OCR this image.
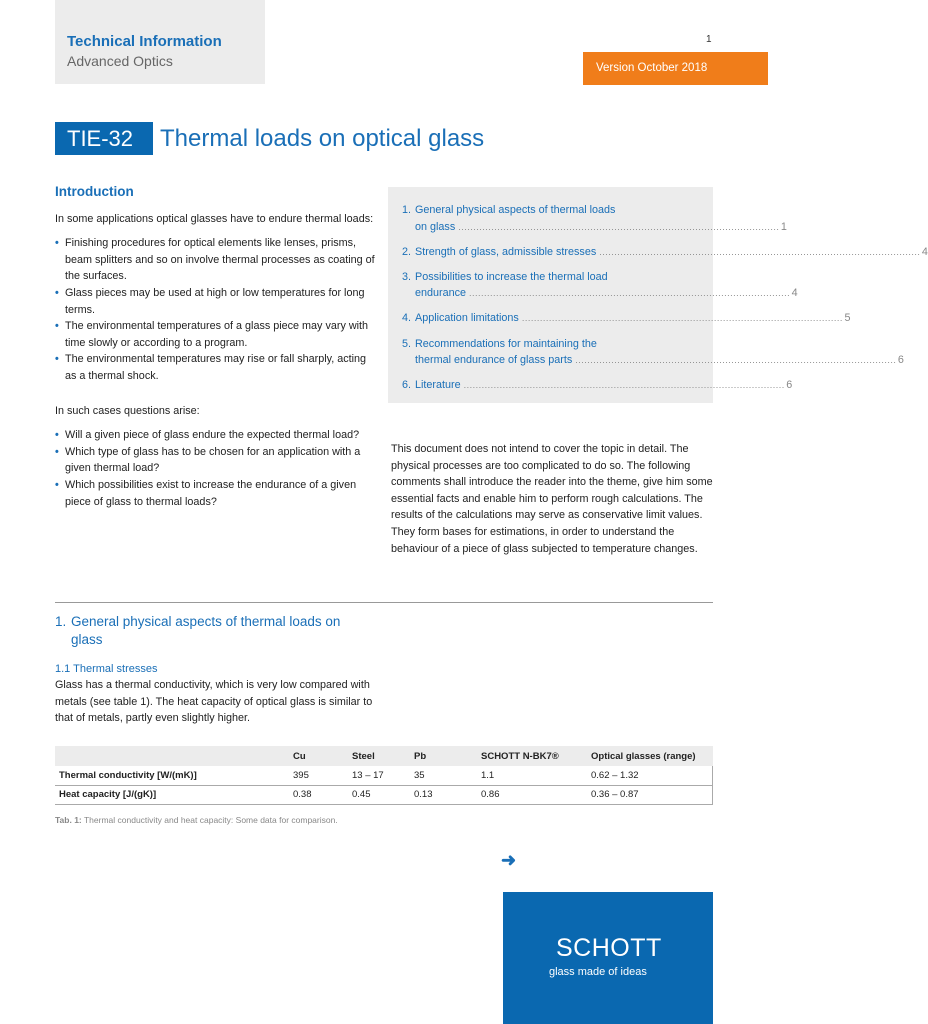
Technical Information
Advanced Optics
1
Version October 2018
TIE-32	Thermal loads on optical glass
Introduction

In some applications optical glasses have to endure thermal loads:

• Finishing procedures for optical elements like lenses, prisms, beam splitters and so on involve thermal processes as coating of the surfaces.
• Glass pieces may be used at high or low temperatures for long terms.
• The environmental temperatures of a glass piece may vary with time slowly or according to a program.
• The environmental temperatures may rise or fall sharply, acting as a thermal shock.

In such cases questions arise:

• Will a given piece of glass endure the expected thermal load?
• Which type of glass has to be chosen for an application with a given thermal load?
• Which possibilities exist to increase the endurance of a given piece of glass to thermal loads?
1. General physical aspects of thermal loads
on glass . . .	1
2. Strength of glass, admissible stresses . . .	4
3. Possibilities to increase the thermal load
endurance . . .	4
4. Application limitations . . .	5
5. Recommendations for maintaining the
thermal endurance of glass parts . . .	6
6. Literature . . .	6
This document does not intend to cover the topic in detail. The physical processes are too complicated to do so. The following comments shall introduce the reader into the theme, give him some essential facts and enable him to perform rough calculations. The results of the calculations may serve as conservative limit values. They form bases for estimations, in order to understand the behaviour of a piece of glass subjected to temperature changes.
1. General physical aspects of thermal loads on glass
1.1 Thermal stresses
Glass has a thermal conductivity, which is very low compared with metals (see table 1). The heat capacity of optical glass is similar to that of metals, partly even slightly higher.
	Cu	Steel	Pb	SCHOTT N-BK7®	Optical glasses (range)
Thermal conductivity [W/(mK)]	395	13 – 17	35	1.1	0.62 – 1.32
Heat capacity [J/(gK)]	0.38	0.45	0.13	0.86	0.36 – 0.87
Tab. 1: Thermal conductivity and heat capacity: Some data for comparison.
➜
SCHOTT
glass made of ideas
